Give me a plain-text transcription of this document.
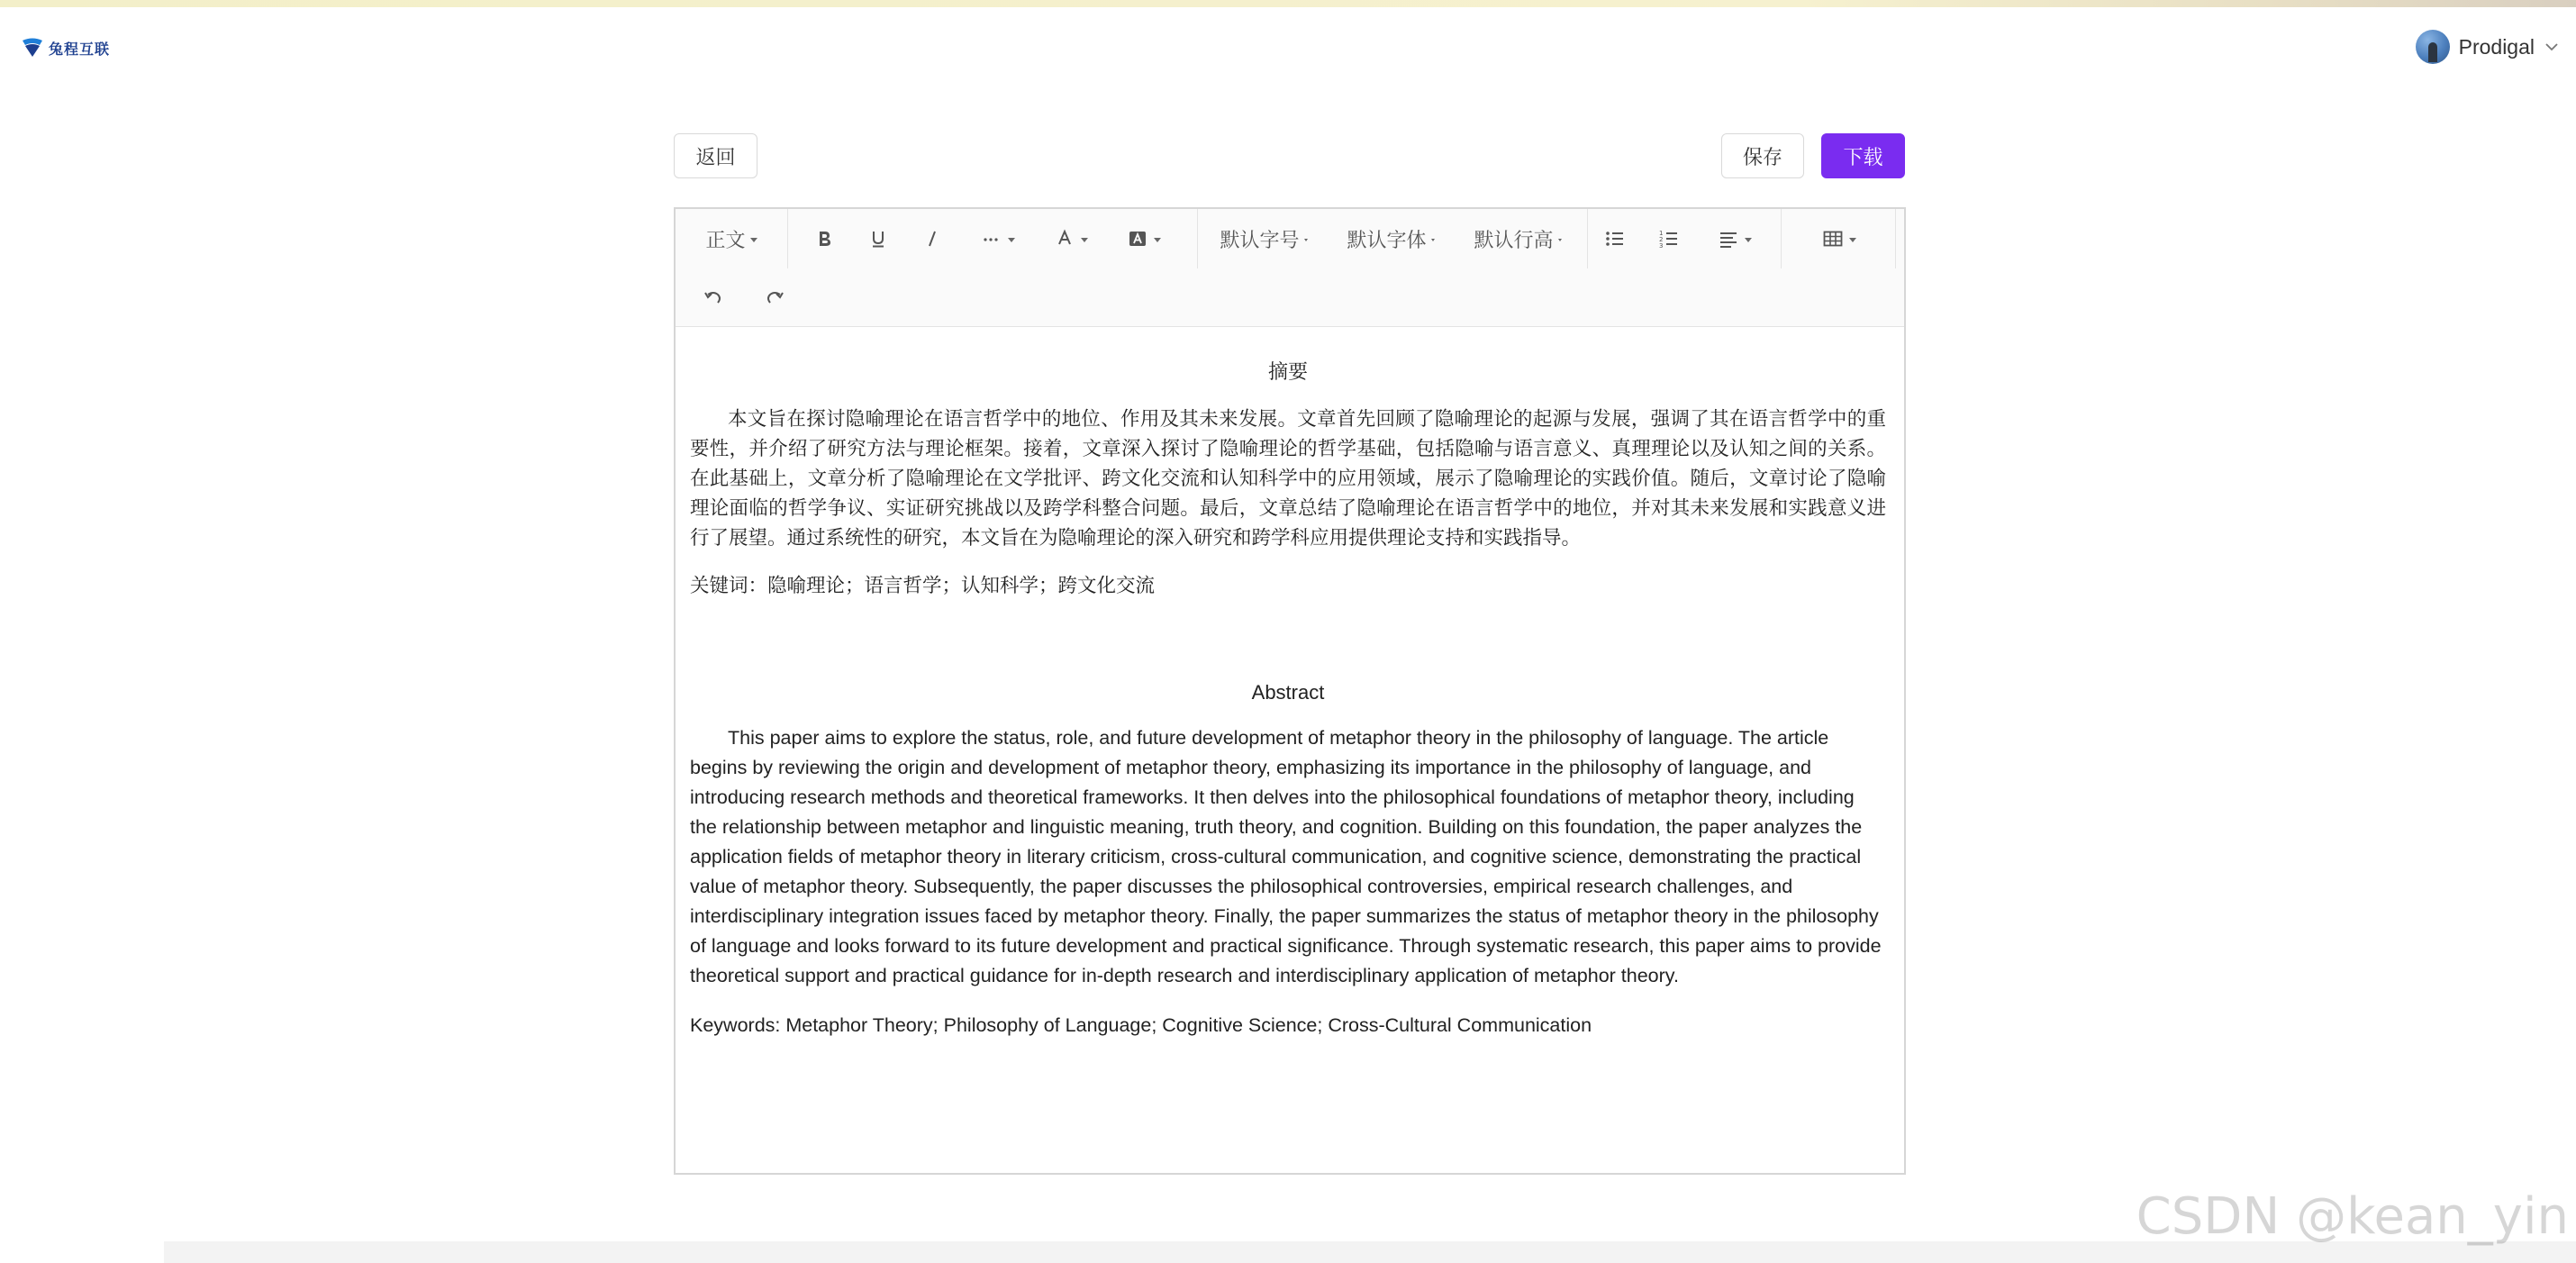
兔程互联	Prodigal
返回	保存	下载
正文	默认字号 默认字体 默认行高	1
2
3
摘要

本文旨在探讨隐喻理论在语言哲学中的地位、作用及其未来发展。文章首先回顾了隐喻理论的起源与发展，强调了其在语言哲学中的重要性，并介绍了研究方法与理论框架。接着，文章深入探讨了隐喻理论的哲学基础，包括隐喻与语言意义、真理理论以及认知之间的关系。在此基础上，文章分析了隐喻理论在文学批评、跨文化交流和认知科学中的应用领域，展示了隐喻理论的实践价值。随后，文章讨论了隐喻理论面临的哲学争议、实证研究挑战以及跨学科整合问题。最后，文章总结了隐喻理论在语言哲学中的地位，并对其未来发展和实践意义进行了展望。通过系统性的研究，本文旨在为隐喻理论的深入研究和跨学科应用提供理论支持和实践指导。

关键词：隐喻理论；语言哲学；认知科学；跨文化交流

Abstract

This paper aims to explore the status, role, and future development of metaphor theory in the philosophy of language. The article begins by reviewing the origin and development of metaphor theory, emphasizing its importance in the philosophy of language, and introducing research methods and theoretical frameworks. It then delves into the philosophical foundations of metaphor theory, including the relationship between metaphor and linguistic meaning, truth theory, and cognition. Building on this foundation, the paper analyzes the application fields of metaphor theory in literary criticism, cross-cultural communication, and cognitive science, demonstrating the practical value of metaphor theory. Subsequently, the paper discusses the philosophical controversies, empirical research challenges, and interdisciplinary integration issues faced by metaphor theory. Finally, the paper summarizes the status of metaphor theory in the philosophy of language and looks forward to its future development and practical significance. Through systematic research, this paper aims to provide theoretical support and practical guidance for in-depth research and interdisciplinary application of metaphor theory.

Keywords: Metaphor Theory; Philosophy of Language; Cognitive Science; Cross-Cultural Communication

CSDN @kean_yin
